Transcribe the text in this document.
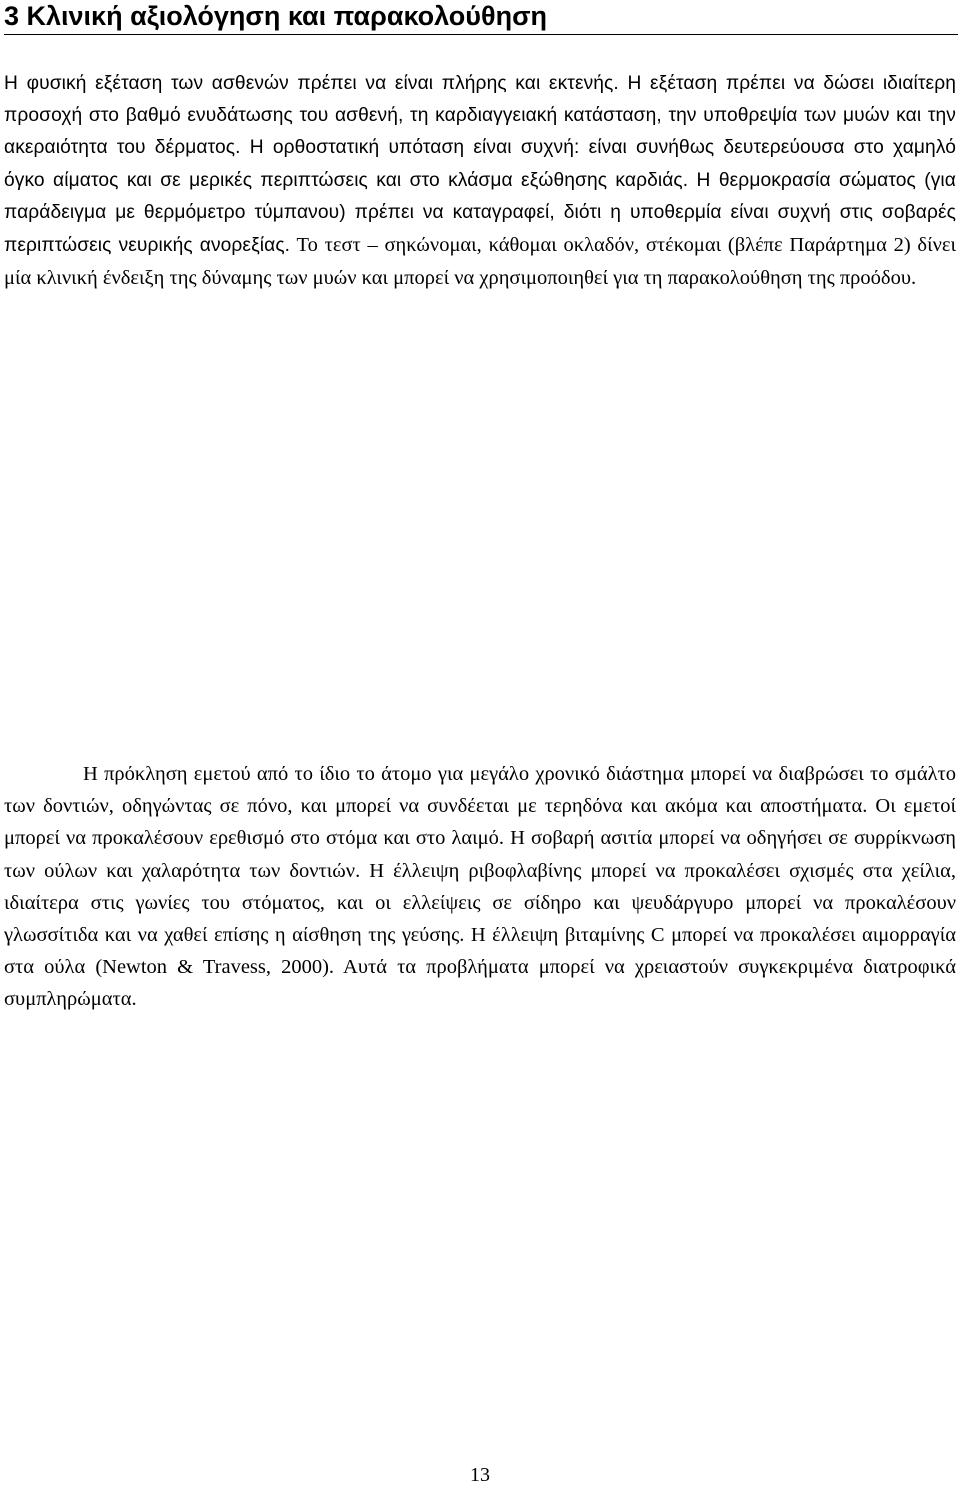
3 Κλινική αξιολόγηση και παρακολούθηση

Η φυσική εξέταση των ασθενών πρέπει να είναι πλήρης και εκτενής. Η εξέταση πρέπει να δώσει ιδιαίτερη προσοχή στο βαθμό ενυδάτωσης του ασθενή, τη καρδιαγγειακή κατάσταση, την υποθρεψία των μυών και την ακεραιότητα του δέρματος. Η ορθοστατική υπόταση είναι συχνή: είναι συνήθως δευτερεύουσα στο χαμηλό όγκο αίματος και σε μερικές περιπτώσεις και στο κλάσμα εξώθησης καρδιάς. Η θερμοκρασία σώματος (για παράδειγμα με θερμόμετρο τύμπανου) πρέπει να καταγραφεί, διότι η υποθερμία είναι συχνή στις σοβαρές περιπτώσεις νευρικής ανορεξίας. Το τεστ – σηκώνομαι, κάθομαι οκλαδόν, στέκομαι (βλέπε Παράρτημα 2) δίνει μία κλινική ένδειξη της δύναμης των μυών και μπορεί να χρησιμοποιηθεί για τη παρακολούθηση της προόδου.

Η πρόκληση εμετού από το ίδιο το άτομο για μεγάλο χρονικό διάστημα μπορεί να διαβρώσει το σμάλτο των δοντιών, οδηγώντας σε πόνο, και μπορεί να συνδέεται με τερηδόνα και ακόμα και αποστήματα. Οι εμετοί μπορεί να προκαλέσουν ερεθισμό στο στόμα και στο λαιμό. Η σοβαρή ασιτία μπορεί να οδηγήσει σε συρρίκνωση των ούλων και χαλαρότητα των δοντιών. Η έλλειψη ριβοφλαβίνης μπορεί να προκαλέσει σχισμές στα χείλια, ιδιαίτερα στις γωνίες του στόματος, και οι ελλείψεις σε σίδηρο και ψευδάργυρο μπορεί να προκαλέσουν γλωσσίτιδα και να χαθεί επίσης η αίσθηση της γεύσης. Η έλλειψη βιταμίνης C μπορεί να προκαλέσει αιμορραγία στα ούλα (Newton & Travess, 2000). Αυτά τα προβλήματα μπορεί να χρειαστούν συγκεκριμένα διατροφικά συμπληρώματα.

13
